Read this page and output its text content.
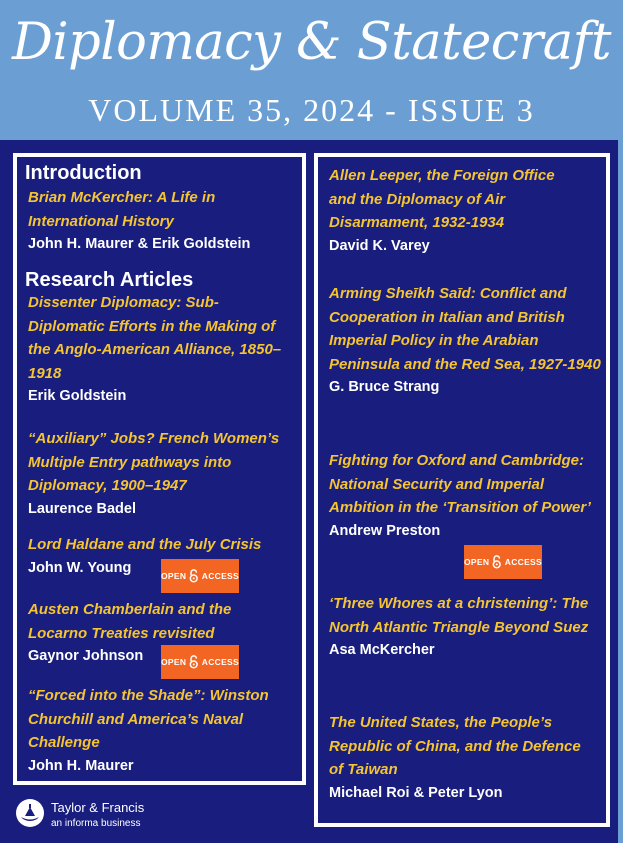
Diplomacy & Statecraft
VOLUME 35, 2024 - ISSUE 3
Introduction
Brian McKercher: A Life in International History
John H. Maurer & Erik Goldstein
Research Articles
Dissenter Diplomacy: Sub-Diplomatic Efforts in the Making of the Anglo-American Alliance, 1850–1918
Erik Goldstein
“Auxiliary” Jobs? French Women’s Multiple Entry pathways into Diplomacy, 1900–1947
Laurence Badel
Lord Haldane and the July Crisis
John W. Young
OPEN ACCESS
Austen Chamberlain and the Locarno Treaties revisited
Gaynor Johnson	OPEN ACCESS
“Forced into the Shade”: Winston Churchill and America’s Naval Challenge
John H. Maurer
Allen Leeper, the Foreign Office and the Diplomacy of Air Disarmament, 1932-1934
David K. Varey
Arming Sheīkh Saīd: Conflict and Cooperation in Italian and British Imperial Policy in the Arabian Peninsula and the Red Sea, 1927-1940
G. Bruce Strang
Fighting for Oxford and Cambridge: National Security and Imperial Ambition in the ‘Transition of Power’
Andrew Preston
OPEN ACCESS
‘Three Whores at a christening’: The North Atlantic Triangle Beyond Suez
Asa McKercher
The United States, the People’s Republic of China, and the Defence of Taiwan
Michael Roi & Peter Lyon
Taylor & Francis
an informa business
